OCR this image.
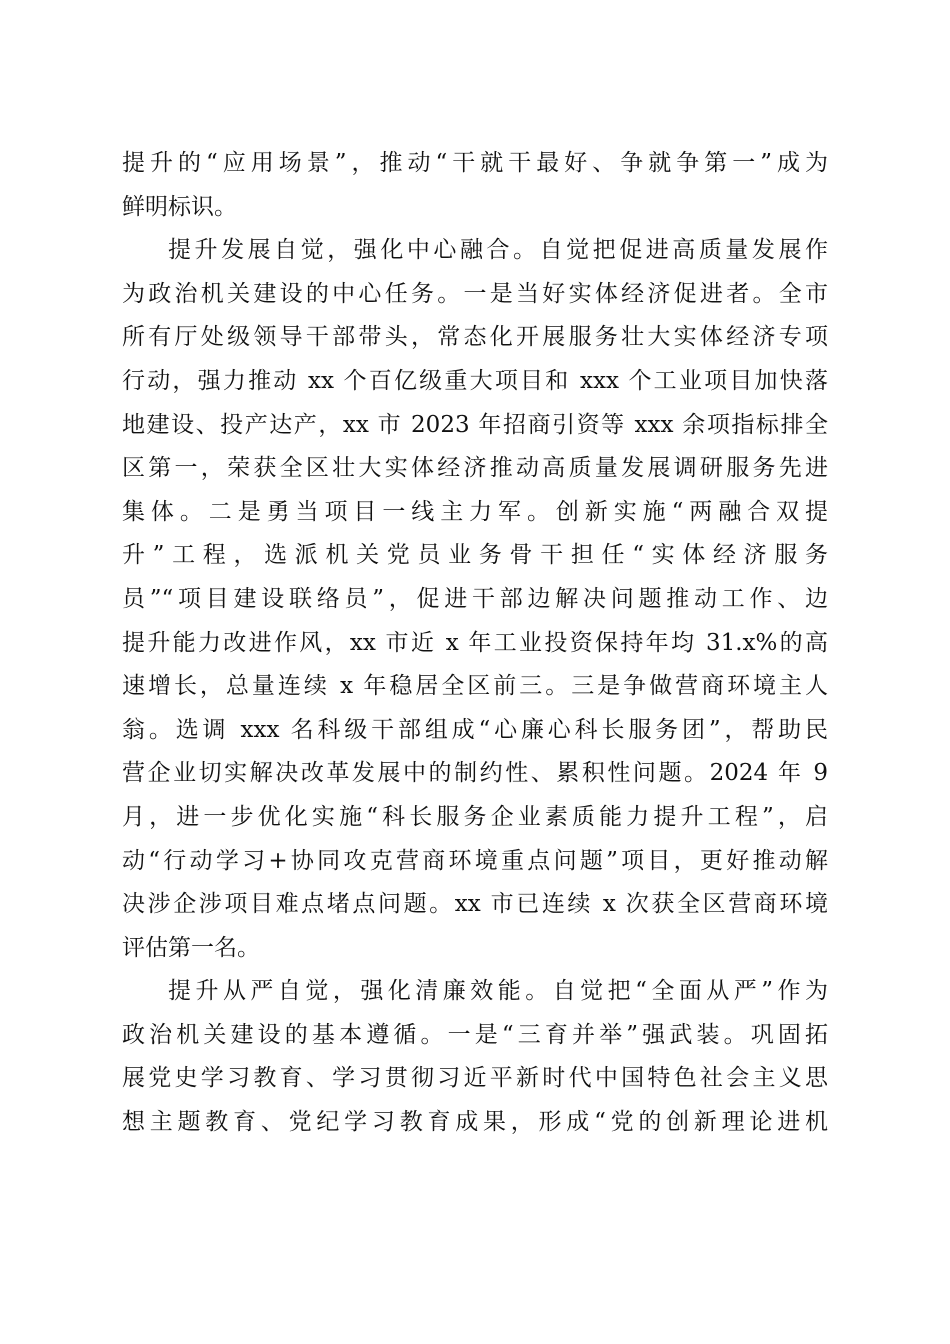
提升的“应用场景”，推动“干就干最好、争就争第一”成为
鲜明标识。
提升发展自觉，强化中心融合。自觉把促进高质量发展作
为政治机关建设的中心任务。一是当好实体经济促进者。全市
所有厅处级领导干部带头，常态化开展服务壮大实体经济专项
行动，强力推动 xx 个百亿级重大项目和 xxx 个工业项目加快落
地建设、投产达产，xx 市 2023 年招商引资等 xxx 余项指标排全
区第一，荣获全区壮大实体经济推动高质量发展调研服务先进
集体。二是勇当项目一线主力军。创新实施“两融合双提
升”工程，选派机关党员业务骨干担任“实体经济服务
员”“项目建设联络员”，促进干部边解决问题推动工作、边
提升能力改进作风，xx 市近 x 年工业投资保持年均 31.x%的高
速增长，总量连续 x 年稳居全区前三。三是争做营商环境主人
翁。选调 xxx 名科级干部组成“心廉心科长服务团”，帮助民
营企业切实解决改革发展中的制约性、累积性问题。2024 年 9
月，进一步优化实施“科长服务企业素质能力提升工程”，启
动“行动学习+协同攻克营商环境重点问题”项目，更好推动解
决涉企涉项目难点堵点问题。xx 市已连续 x 次获全区营商环境
评估第一名。
提升从严自觉，强化清廉效能。自觉把“全面从严”作为
政治机关建设的基本遵循。一是“三育并举”强武装。巩固拓
展党史学习教育、学习贯彻习近平新时代中国特色社会主义思
想主题教育、党纪学习教育成果，形成“党的创新理论进机
